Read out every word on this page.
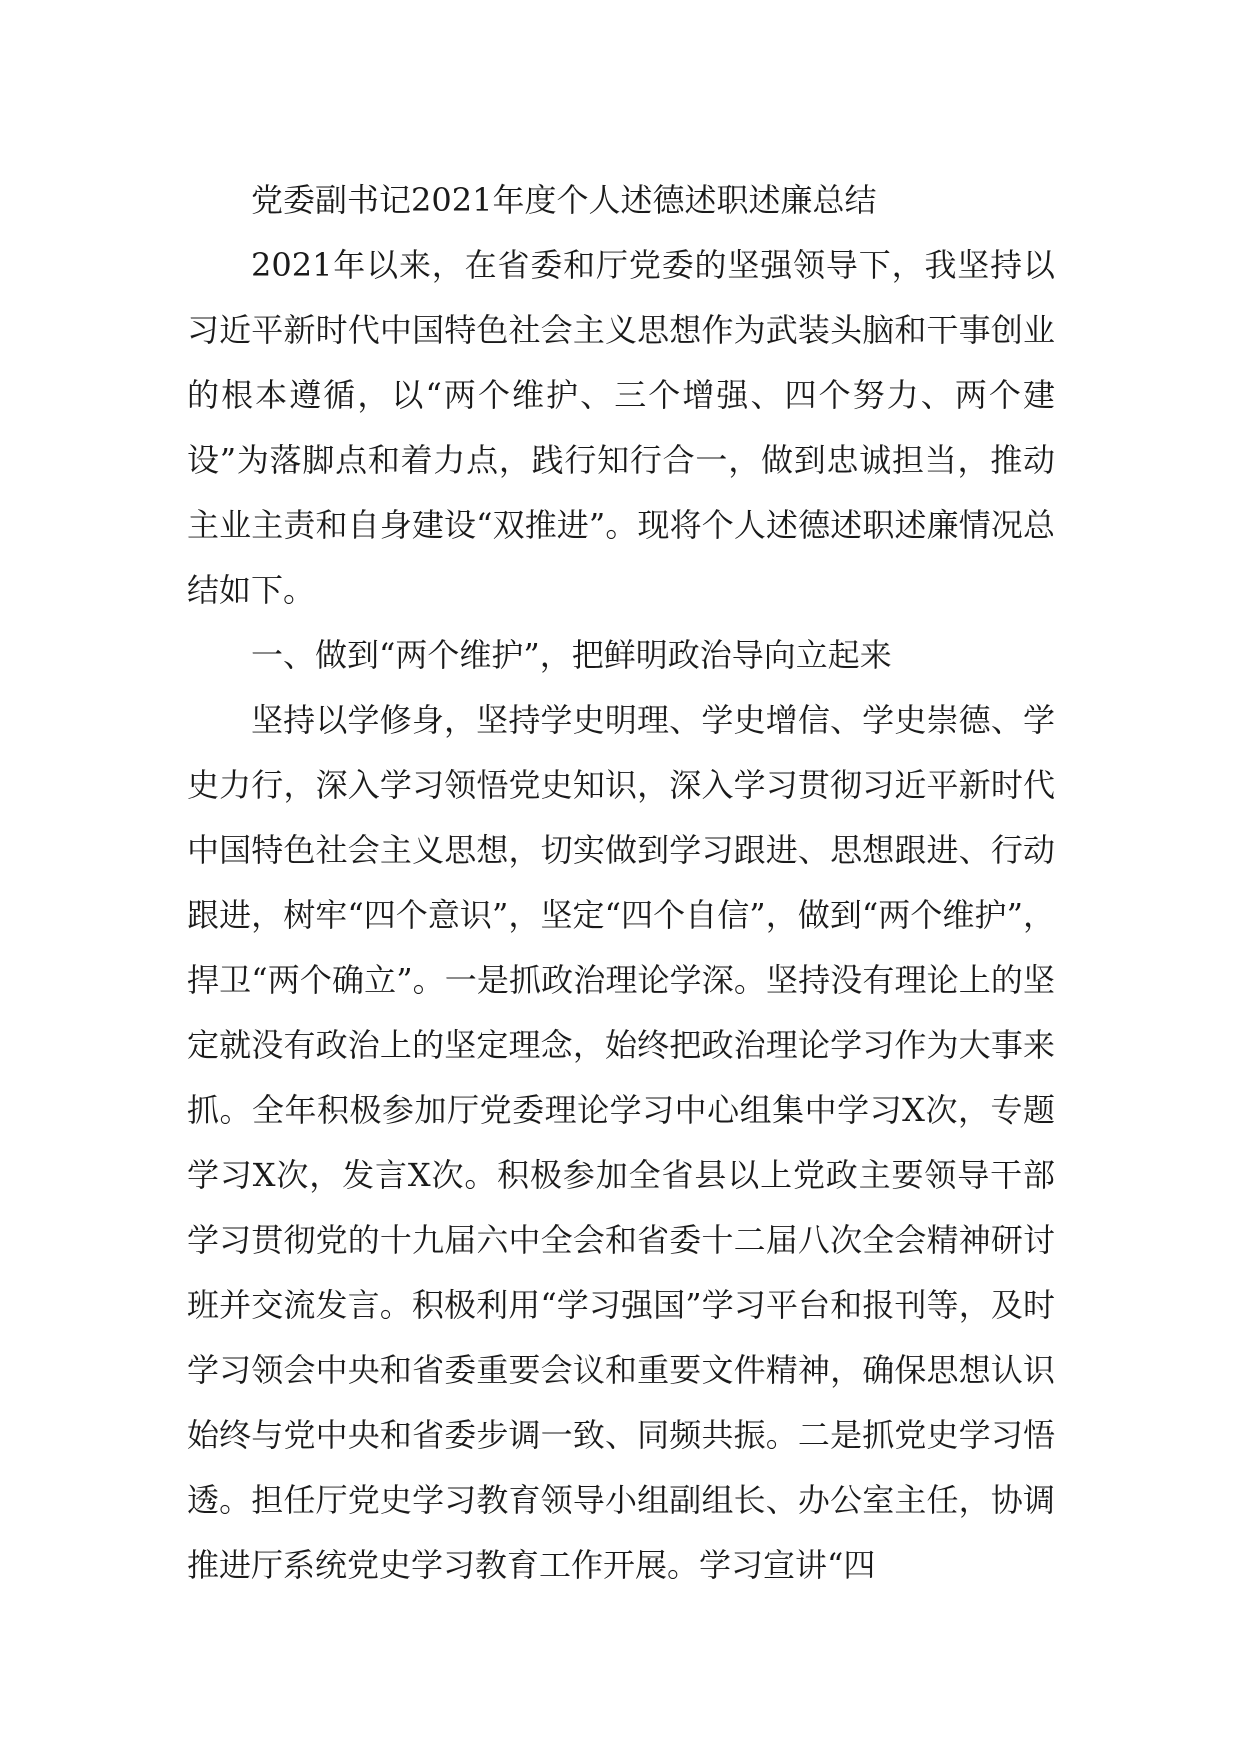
党委副书记2021年度个人述德述职述廉总结

2021年以来，在省委和厅党委的坚强领导下，我坚持以习近平新时代中国特色社会主义思想作为武装头脑和干事创业的根本遵循，以“两个维护、三个增强、四个努力、两个建设”为落脚点和着力点，践行知行合一，做到忠诚担当，推动主业主责和自身建设“双推进”。现将个人述德述职述廉情况总结如下。

一、做到“两个维护”，把鲜明政治导向立起来

坚持以学修身，坚持学史明理、学史增信、学史崇德、学史力行，深入学习领悟党史知识，深入学习贯彻习近平新时代中国特色社会主义思想，切实做到学习跟进、思想跟进、行动跟进，树牢“四个意识”，坚定“四个自信”，做到“两个维护”，捍卫“两个确立”。一是抓政治理论学深。坚持没有理论上的坚定就没有政治上的坚定理念，始终把政治理论学习作为大事来抓。全年积极参加厅党委理论学习中心组集中学习X次，专题学习X次，发言X次。积极参加全省县以上党政主要领导干部学习贯彻党的十九届六中全会和省委十二届八次全会精神研讨班并交流发言。积极利用“学习强国”学习平台和报刊等，及时学习领会中央和省委重要会议和重要文件精神，确保思想认识始终与党中央和省委步调一致、同频共振。二是抓党史学习悟透。担任厅党史学习教育领导小组副组长、办公室主任，协调推进厅系统党史学习教育工作开展。学习宣讲“四
